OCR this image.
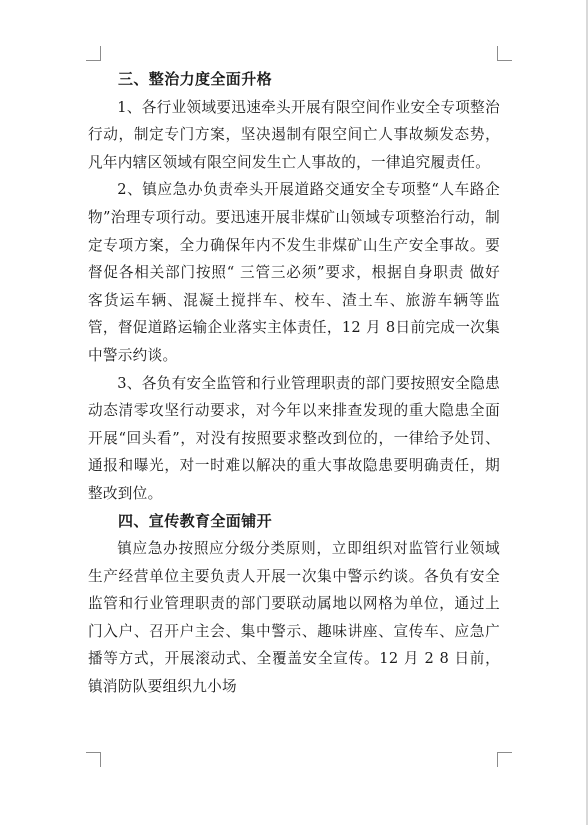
三、整治力度全面升格

1、各行业领域要迅速牵头开展有限空间作业安全专项整治行动，制定专门方案，坚决遏制有限空间亡人事故频发态势，凡年内辖区领域有限空间发生亡人事故的，一律追究履责任。

2、镇应急办负责牵头开展道路交通安全专项整“人车路企物”治理专项行动。要迅速开展非煤矿山领域专项整治行动，制定专项方案，全力确保年内不发生非煤矿山生产安全事故。要督促各相关部门按照“ 三管三必须”要求，根据自身职责 做好客货运车辆、混凝土搅拌车、校车、渣土车、旅游车辆等监管，督促道路运输企业落实主体责任，12 月 8日前完成一次集中警示约谈。

3、各负有安全监管和行业管理职责的部门要按照安全隐患动态清零攻坚行动要求，对今年以来排查发现的重大隐患全面开展“回头看”，对没有按照要求整改到位的，一律给予处罚、通报和曝光，对一时难以解决的重大事故隐患要明确责任，期整改到位。

四、宣传教育全面铺开

镇应急办按照应分级分类原则，立即组织对监管行业领域生产经营单位主要负责人开展一次集中警示约谈。各负有安全监管和行业管理职责的部门要联动属地以网格为单位，通过上门入户、召开户主会、集中警示、趣味讲座、宣传车、应急广播等方式，开展滚动式、全覆盖安全宣传。12 月 2 8 日前，镇消防队要组织九小场
